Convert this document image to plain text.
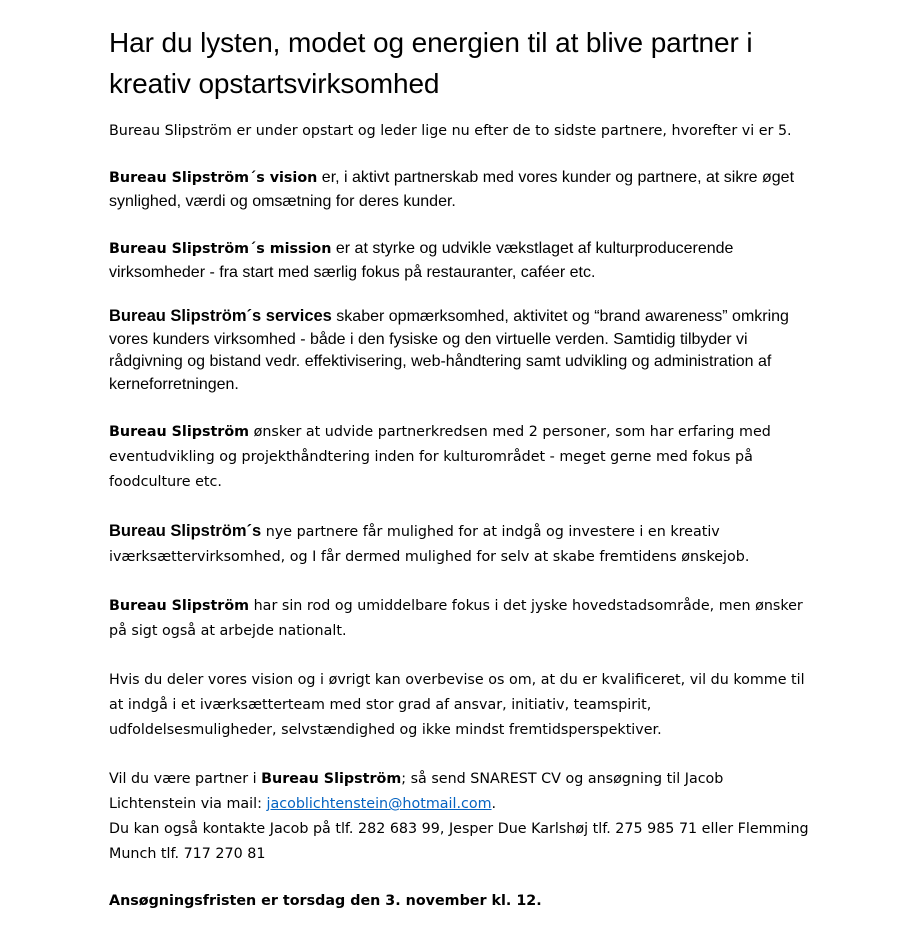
Har du lysten, modet og energien til at blive partner i kreativ opstartsvirksomhed

Bureau Slipström er under opstart og leder lige nu efter de to sidste partnere, hvorefter vi er 5.

Bureau Slipström´s vision er, i aktivt partnerskab med vores kunder og partnere, at sikre øget synlighed, værdi og omsætning for deres kunder.

Bureau Slipström´s mission er at styrke og udvikle vækstlaget af kulturproducerende virksomheder - fra start med særlig fokus på restauranter, caféer etc.

Bureau Slipström´s services skaber opmærksomhed, aktivitet og “brand awareness” omkring vores kunders virksomhed - både i den fysiske og den virtuelle verden. Samtidig tilbyder vi rådgivning og bistand vedr. effektivisering, web-håndtering samt udvikling og administration af kerneforretningen.

Bureau Slipström ønsker at udvide partnerkredsen med 2 personer, som har erfaring med eventudvikling og projekthåndtering inden for kulturområdet - meget gerne med fokus på foodculture etc.

Bureau Slipström´s nye partnere får mulighed for at indgå og investere i en kreativ iværksættervirksomhed, og I får dermed mulighed for selv at skabe fremtidens ønskejob.

Bureau Slipström har sin rod og umiddelbare fokus i det jyske hovedstadsområde, men ønsker på sigt også at arbejde nationalt.

Hvis du deler vores vision og i øvrigt kan overbevise os om, at du er kvalificeret, vil du komme til at indgå i et iværksætterteam med stor grad af ansvar, initiativ, teamspirit, udfoldelsesmuligheder, selvstændighed og ikke mindst fremtidsperspektiver.

Vil du være partner i Bureau Slipström; så send SNAREST CV og ansøgning til Jacob Lichtenstein via mail: jacoblichtenstein@hotmail.com.
Du kan også kontakte Jacob på tlf. 282 683 99, Jesper Due Karlshøj tlf. 275 985 71 eller Flemming Munch tlf. 717 270 81

Ansøgningsfristen er torsdag den 3. november kl. 12.
